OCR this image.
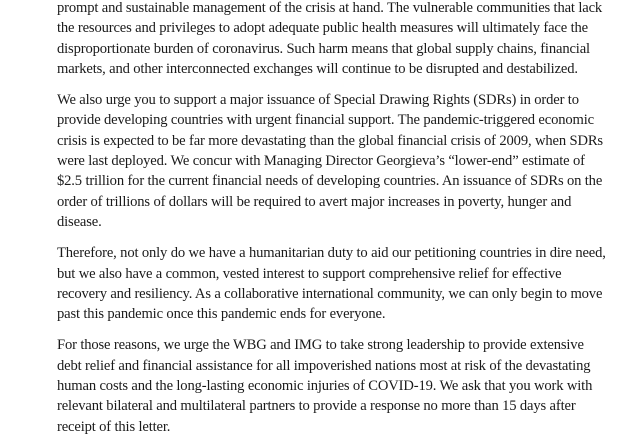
prompt and sustainable management of the crisis at hand. The vulnerable communities that lack
the resources and privileges to adopt adequate public health measures will ultimately face the
disproportionate burden of coronavirus. Such harm means that global supply chains, financial
markets, and other interconnected exchanges will continue to be disrupted and destabilized.

We also urge you to support a major issuance of Special Drawing Rights (SDRs) in order to
provide developing countries with urgent financial support. The pandemic-triggered economic
crisis is expected to be far more devastating than the global financial crisis of 2009, when SDRs
were last deployed. We concur with Managing Director Georgieva’s “lower-end” estimate of
$2.5 trillion for the current financial needs of developing countries. An issuance of SDRs on the
order of trillions of dollars will be required to avert major increases in poverty, hunger and
disease.

Therefore, not only do we have a humanitarian duty to aid our petitioning countries in dire need,
but we also have a common, vested interest to support comprehensive relief for effective
recovery and resiliency. As a collaborative international community, we can only begin to move
past this pandemic once this pandemic ends for everyone.

For those reasons, we urge the WBG and IMG to take strong leadership to provide extensive
debt relief and financial assistance for all impoverished nations most at risk of the devastating
human costs and the long-lasting economic injuries of COVID-19. We ask that you work with
relevant bilateral and multilateral partners to provide a response no more than 15 days after
receipt of this letter.
